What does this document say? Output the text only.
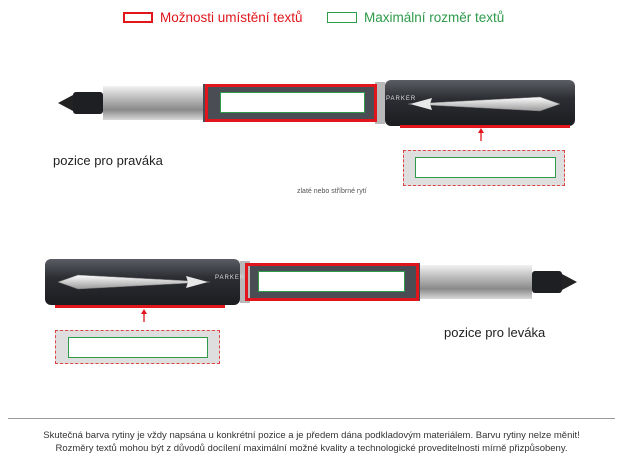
Možnosti umístění textů	Maximální rozměr textů
PARKER
PARKER
pozice pro praváka
zlaté nebo stříbrné rytí
pozice pro leváka
Skutečná barva rytiny je vždy napsána u konkrétní pozice a je předem dána podkladovým materiálem. Barvu rytiny nelze měnit!
Rozměry textů mohou být z důvodů docílení maximální možné kvality a technologické proveditelnosti mírně přizpůsobeny.
